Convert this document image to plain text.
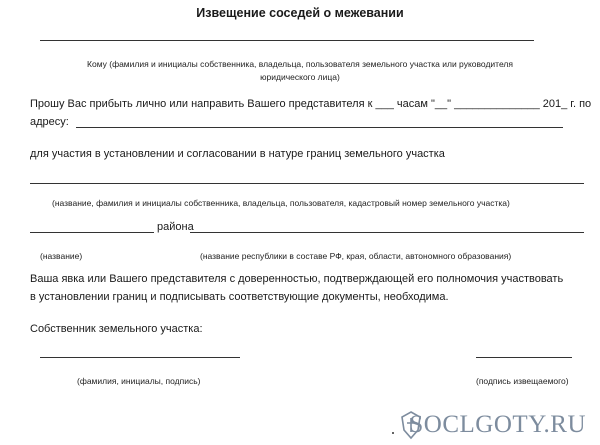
Извещение соседей о межевании
Кому (фамилия и инициалы собственника, владельца, пользователя земельного участка или руководителя
юридического лица)
Прошу Вас прибыть лично или направить Вашего представителя к ___ часам "__" ______________ 201_ г. по
адресу:
для участия в установлении и согласовании в натуре границ земельного участка
(название, фамилия и инициалы собственника, владельца, пользователя, кадастровый номер земельного участка)
района
(название)	(название республики в составе РФ, края, области, автономного образования)
Ваша явка или Вашего представителя с доверенностью, подтверждающей его полномочия участвовать
в установлении границ и подписывать соответствующие документы, необходима.
Собственник земельного участка:
(фамилия, инициалы, подпись)	(подпись извещаемого)
SOCLGOTY.RU
